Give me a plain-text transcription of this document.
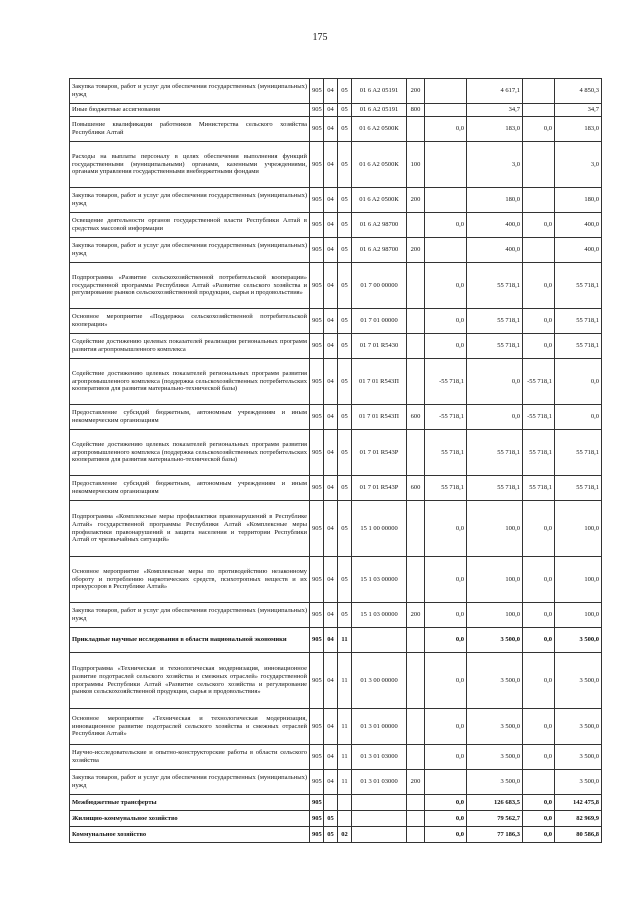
175
Закупка товаров, работ и услуг для обеспечения государственных (муниципальных) нужд	905	04	05	01 6 A2 05191	200		4 617,1		4 850,3
Иные бюджетные ассигнования	905	04	05	01 6 A2 05191	800		34,7		34,7
Повышение квалификации работников Министерства сельского хозяйства Республики Алтай	905	04	05	01 6 A2 0500К		0,0	183,0	0,0	183,0
Расходы на выплаты персоналу в целях обеспечения выполнения функций государственными (муниципальными) органами, казенными учреждениями, органами управления государственными внебюджетными фондами	905	04	05	01 6 A2 0500К	100		3,0		3,0
Закупка товаров, работ и услуг для обеспечения государственных (муниципальных) нужд	905	04	05	01 6 A2 0500К	200		180,0		180,0
Освещение деятельности органов государственной власти Республики Алтай в средствах массовой информации	905	04	05	01 6 A2 98700		0,0	400,0	0,0	400,0
Закупка товаров, работ и услуг для обеспечения государственных (муниципальных) нужд	905	04	05	01 6 A2 98700	200		400,0		400,0
Подпрограмма «Развитие сельскохозяйственной потребительской кооперации» государственной программы Республики Алтай «Развитие сельского хозяйства и регулирование рынков сельскохозяйственной продукции, сырья и продовольствия»	905	04	05	01 7 00 00000		0,0	55 718,1	0,0	55 718,1
Основное мероприятие «Поддержка сельскохозяйственной потребительской кооперации»	905	04	05	01 7 01 00000		0,0	55 718,1	0,0	55 718,1
Содействие достижению целевых показателей реализации региональных программ развития агропромышленного комплекса	905	04	05	01 7 01 R5430		0,0	55 718,1	0,0	55 718,1
Содействие достижению целевых показателей региональных программ развития агропромышленного комплекса (поддержка сельскохозяйственных потребительских кооперативов для развития материально-технической базы)	905	04	05	01 7 01 R543П		-55 718,1	0,0	-55 718,1	0,0
Предоставление субсидий бюджетным, автономным учреждениям и иным некоммерческим организациям	905	04	05	01 7 01 R543П	600	-55 718,1	0,0	-55 718,1	0,0
Содействие достижению целевых показателей региональных программ развития агропромышленного комплекса (поддержка сельскохозяйственных потребительских кооперативов для развития материально-технической базы)	905	04	05	01 7 01 R543Р		55 718,1	55 718,1	55 718,1	55 718,1
Предоставление субсидий бюджетным, автономным учреждениям и иным некоммерческим организациям	905	04	05	01 7 01 R543Р	600	55 718,1	55 718,1	55 718,1	55 718,1
Подпрограмма «Комплексные меры профилактики правонарушений в Республике Алтай» государственной программы Республики Алтай «Комплексные меры профилактики правонарушений и защита населения и территории Республики Алтай от чрезвычайных ситуаций»	905	04	05	15 1 00 00000		0,0	100,0	0,0	100,0
Основное мероприятие «Комплексные меры по противодействию незаконному обороту и потреблению наркотических средств, психотропных веществ и их прекурсоров в Республике Алтай»	905	04	05	15 1 03 00000		0,0	100,0	0,0	100,0
Закупка товаров, работ и услуг для обеспечения государственных (муниципальных) нужд	905	04	05	15 1 03 00000	200	0,0	100,0	0,0	100,0
Прикладные научные исследования в области национальной экономики	905	04	11			0,0	3 500,0	0,0	3 500,0
Подпрограмма «Техническая и технологическая модернизация, инновационное развитие подотраслей сельского хозяйства и смежных отраслей» государственной программы Республики Алтай «Развитие сельского хозяйства и регулирование рынков сельскохозяйственной продукции, сырья и продовольствия»	905	04	11	01 3 00 00000		0,0	3 500,0	0,0	3 500,0
Основное мероприятие «Техническая и технологическая модернизация, инновационное развитие подотраслей сельского хозяйства и смежных отраслей Республики Алтай»	905	04	11	01 3 01 00000		0,0	3 500,0	0,0	3 500,0
Научно-исследовательские и опытно-конструкторские работы в области сельского хозяйства	905	04	11	01 3 01 03000		0,0	3 500,0	0,0	3 500,0
Закупка товаров, работ и услуг для обеспечения государственных (муниципальных) нужд	905	04	11	01 3 01 03000	200		3 500,0		3 500,0
Межбюджетные трансферты	905					0,0	126 683,5	0,0	142 475,8
Жилищно-коммунальное хозяйство	905	05				0,0	79 562,7	0,0	82 969,9
Коммунальное хозяйство	905	05	02			0,0	77 186,3	0,0	80 586,8
